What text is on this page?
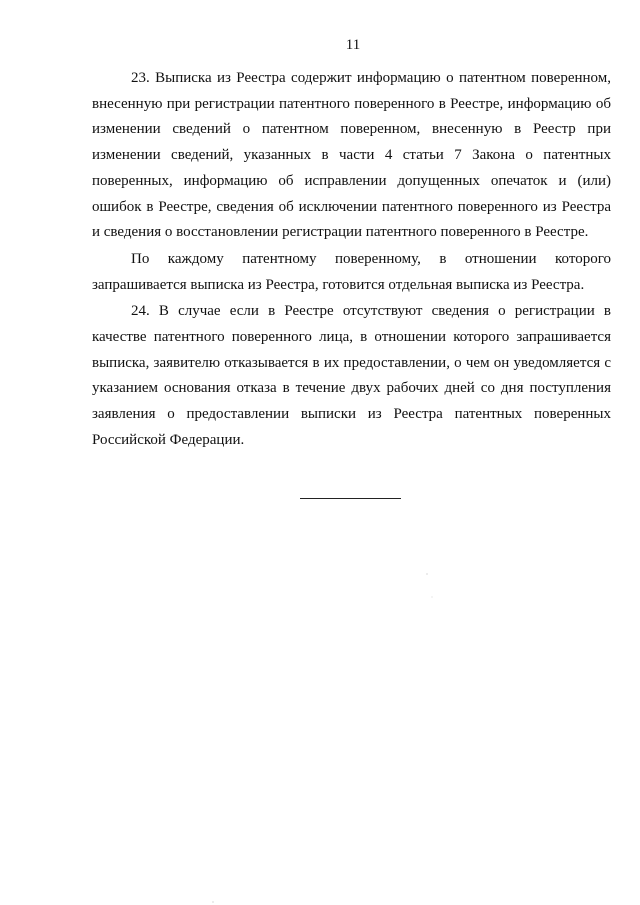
11

23. Выписка из Реестра содержит информацию о патентном поверенном, внесенную при регистрации патентного поверенного в Реестре, информацию об изменении сведений о патентном поверенном, внесенную в Реестр при изменении сведений, указанных в части 4 статьи 7 Закона о патентных поверенных, информацию об исправлении допущенных опечаток и (или) ошибок в Реестре, сведения об исключении патентного поверенного из Реестра и сведения о восстановлении регистрации патентного поверенного в Реестре.

По каждому патентному поверенному, в отношении которого запрашивается выписка из Реестра, готовится отдельная выписка из Реестра.

24. В случае если в Реестре отсутствуют сведения о регистрации в качестве патентного поверенного лица, в отношении которого запрашивается выписка, заявителю отказывается в их предоставлении, о чем он уведомляется с указанием основания отказа в течение двух рабочих дней со дня поступления заявления о предоставлении выписки из Реестра патентных поверенных Российской Федерации.
